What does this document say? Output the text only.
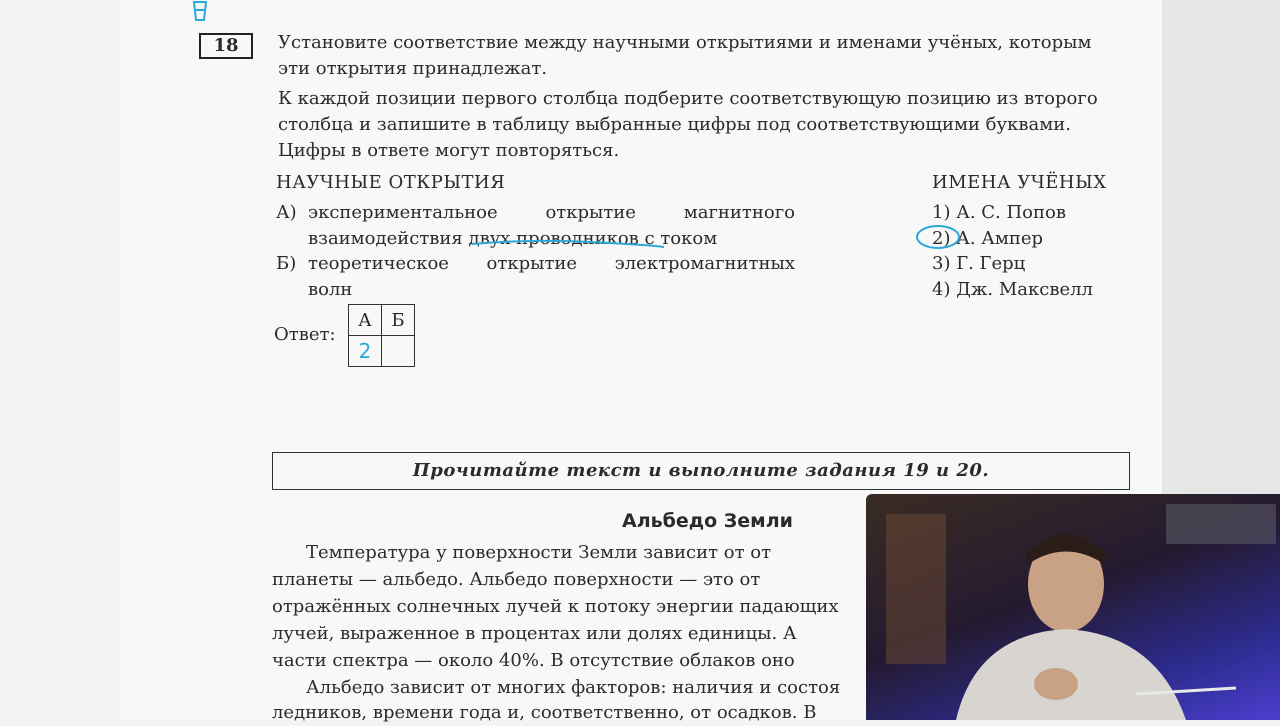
18	Установите соответствие между научными открытиями и именами учёных, которым
эти открытия принадлежат.
К каждой позиции первого столбца подберите соответствующую позицию из второго
столбца и запишите в таблицу выбранные цифры под соответствующими буквами.
Цифры в ответе могут повторяться.
НАУЧНЫЕ ОТКРЫТИЯ	ИМЕНА УЧЁНЫХ
А) экспериментальное	открытие	магнитного
взаимодействия двух проводников с током
Б) теоретическое открытие электромагнитных
волн
1) А. С. Попов
2) А. Ампер
3) Г. Герц
4) Дж. Максвелл
Ответ:
А	Б
2	
Прочитайте текст и выполните задания 19 и 20.
Альбедо Земли
Температура у поверхности Земли зависит от от
планеты — альбедо. Альбедо поверхности — это от
отражённых солнечных лучей к потоку энергии падающих
лучей, выраженное в процентах или долях единицы. А
части спектра — около 40%. В отсутствие облаков оно
Альбедо зависит от многих факторов: наличия и состоя
ледников, времени года и, соответственно, от осадков. В
